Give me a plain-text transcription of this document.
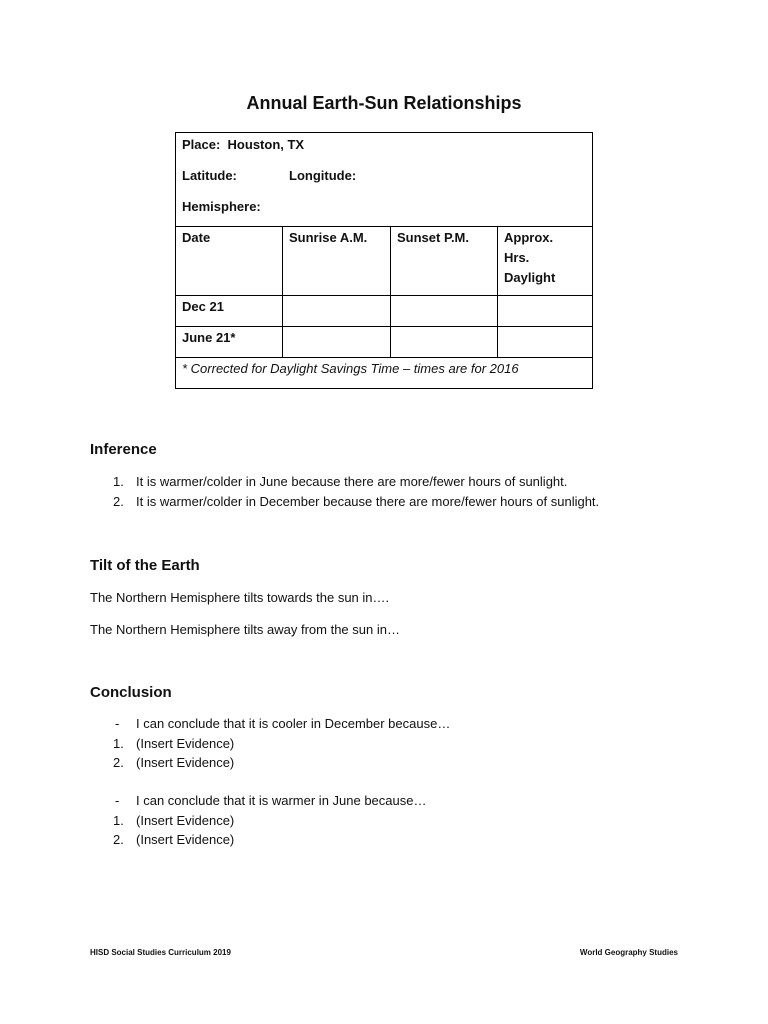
Annual Earth-Sun Relationships
Place: Houston, TX
Latitude: Longitude:
Hemisphere:			

Date	Sunrise A.M.	Sunset P.M.	Approx. Hrs. Daylight

Dec 21			
June 21*			
* Corrected for Daylight Savings Time – times are for 2016			
Inference
1. It is warmer/colder in June because there are more/fewer hours of sunlight.
2. It is warmer/colder in December because there are more/fewer hours of sunlight.
Tilt of the Earth
The Northern Hemisphere tilts towards the sun in….
The Northern Hemisphere tilts away from the sun in…
Conclusion
- I can conclude that it is cooler in December because…
1. (Insert Evidence)
2. (Insert Evidence)
- I can conclude that it is warmer in June because…
1. (Insert Evidence)
2. (Insert Evidence)
HISD Social Studies Curriculum 2019	World Geography Studies
